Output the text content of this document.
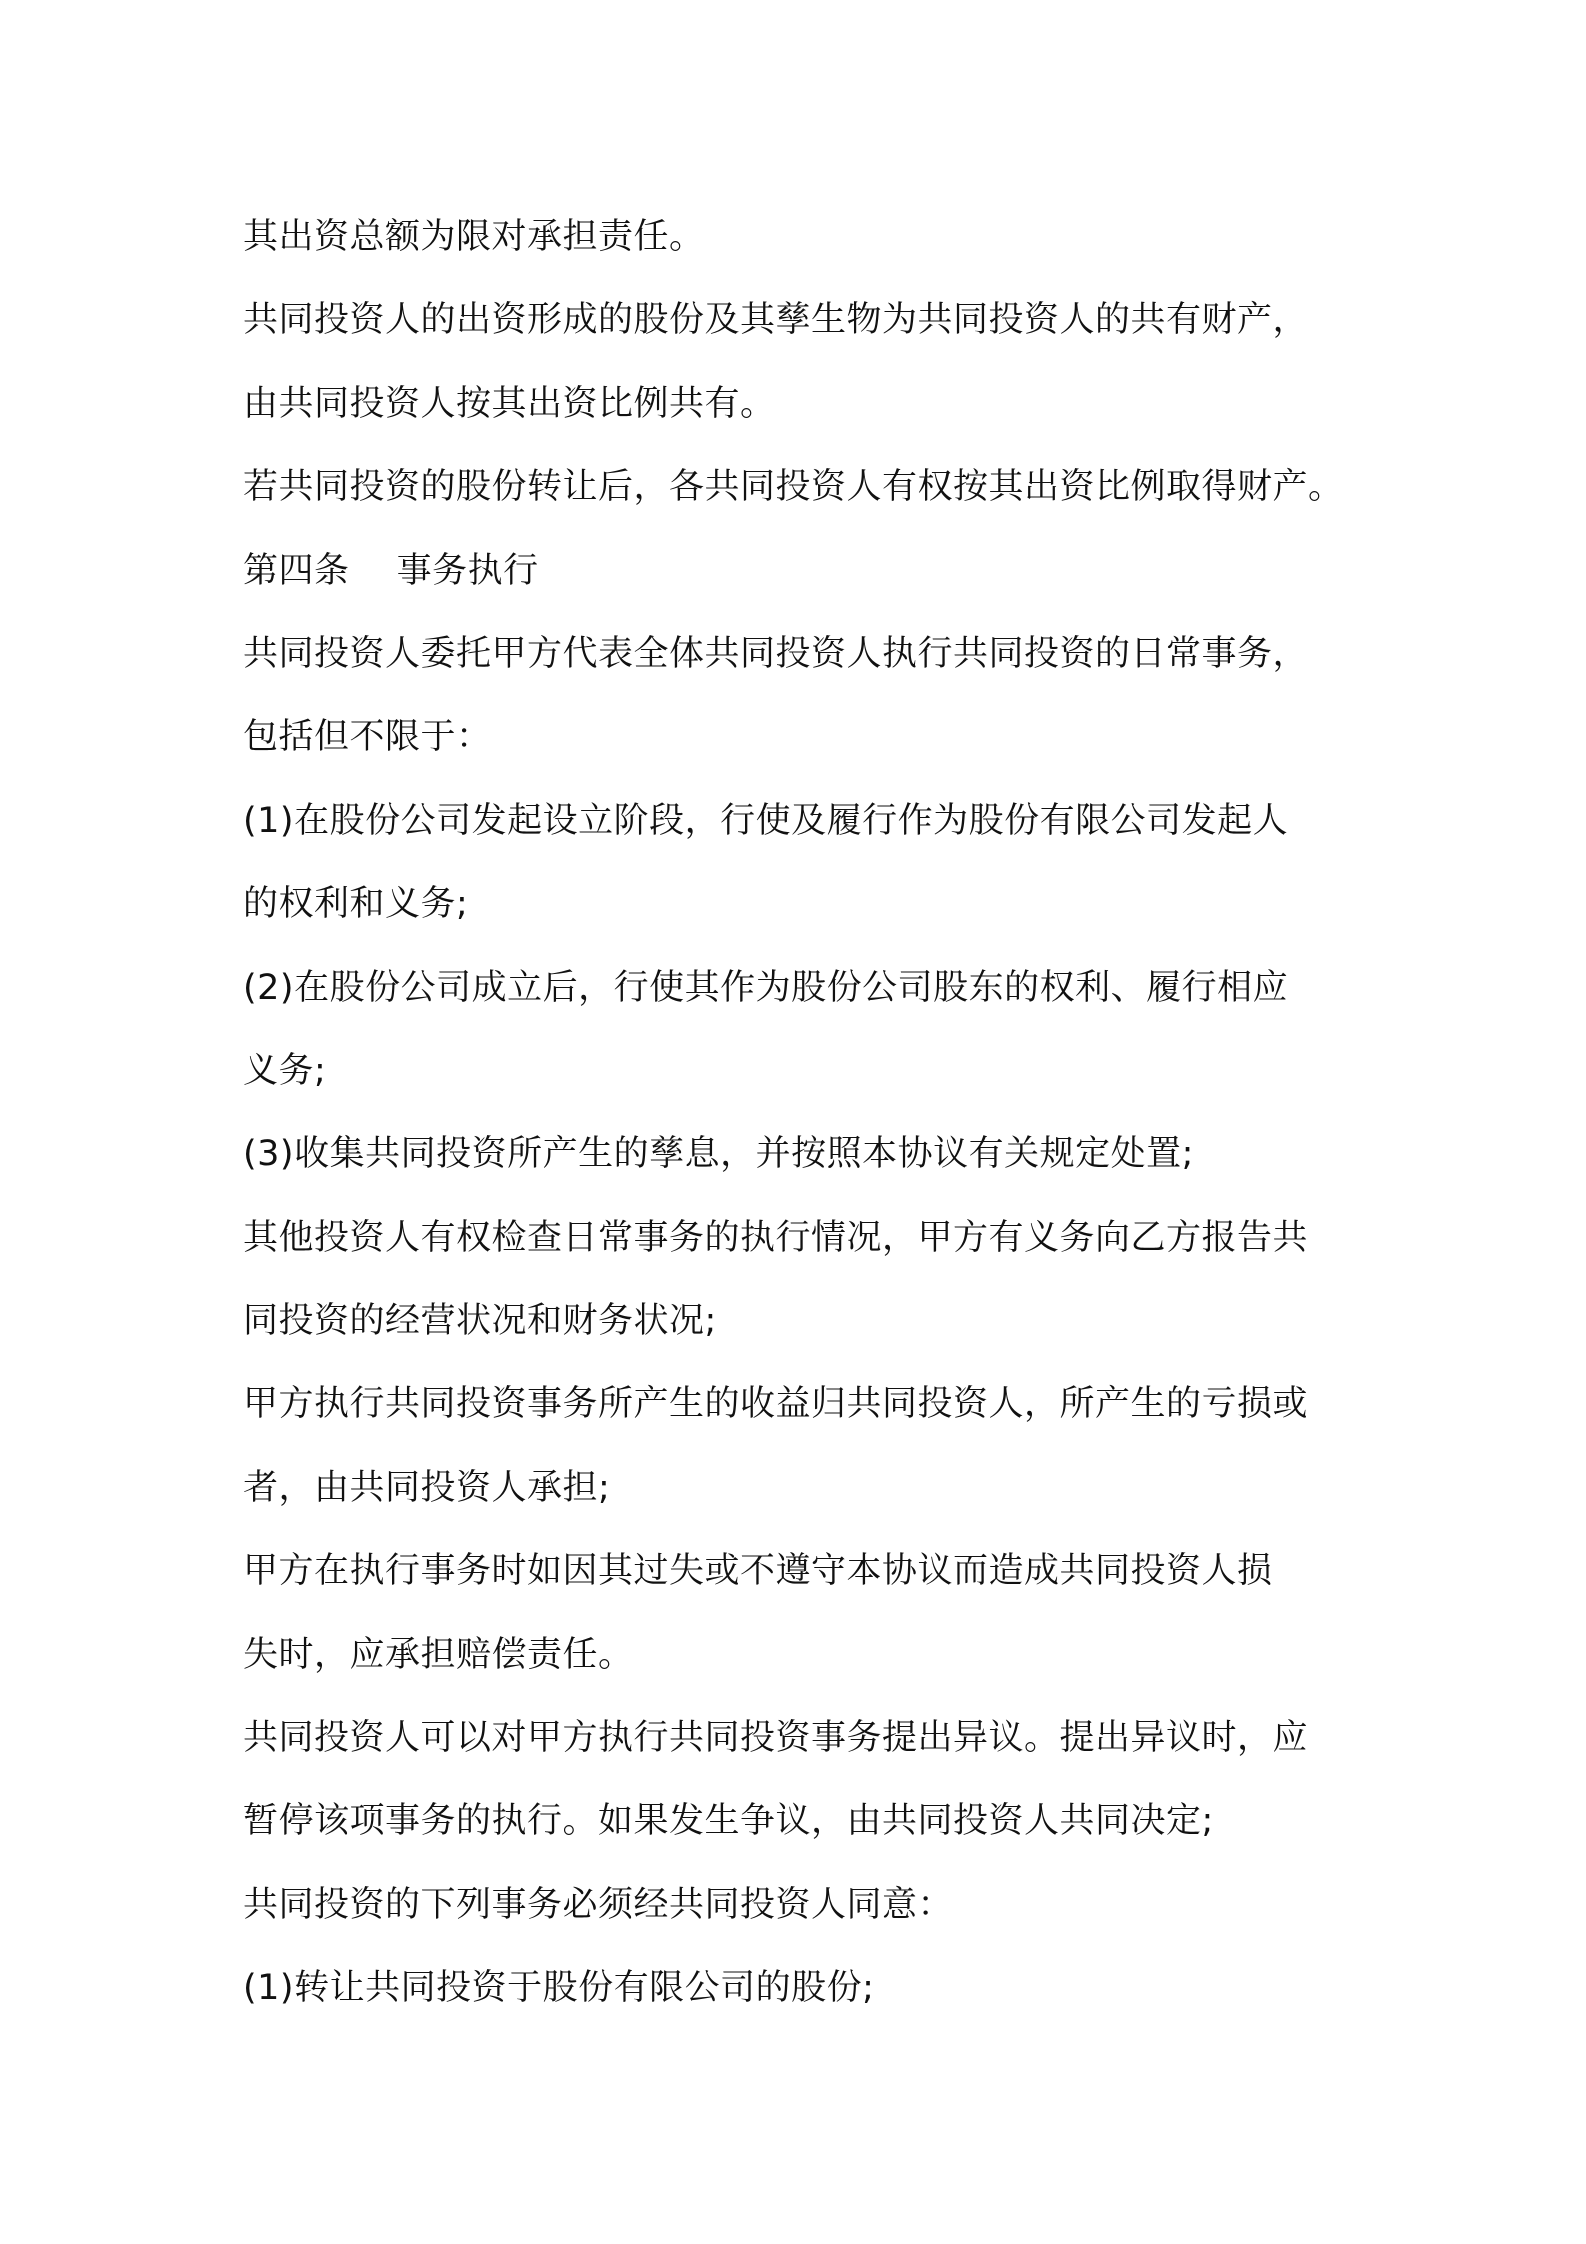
其出资总额为限对承担责任。
共同投资人的出资形成的股份及其孳生物为共同投资人的共有财产，
由共同投资人按其出资比例共有。
若共同投资的股份转让后，各共同投资人有权按其出资比例取得财产。
第四条　 事务执行
共同投资人委托甲方代表全体共同投资人执行共同投资的日常事务，
包括但不限于：
(1)在股份公司发起设立阶段，行使及履行作为股份有限公司发起人
的权利和义务;
(2)在股份公司成立后，行使其作为股份公司股东的权利、履行相应
义务;
(3)收集共同投资所产生的孳息，并按照本协议有关规定处置;
其他投资人有权检查日常事务的执行情况，甲方有义务向乙方报告共
同投资的经营状况和财务状况;
甲方执行共同投资事务所产生的收益归共同投资人，所产生的亏损或
者，由共同投资人承担;
甲方在执行事务时如因其过失或不遵守本协议而造成共同投资人损
失时，应承担赔偿责任。
共同投资人可以对甲方执行共同投资事务提出异议。提出异议时，应
暂停该项事务的执行。如果发生争议，由共同投资人共同决定;
共同投资的下列事务必须经共同投资人同意：
(1)转让共同投资于股份有限公司的股份;
